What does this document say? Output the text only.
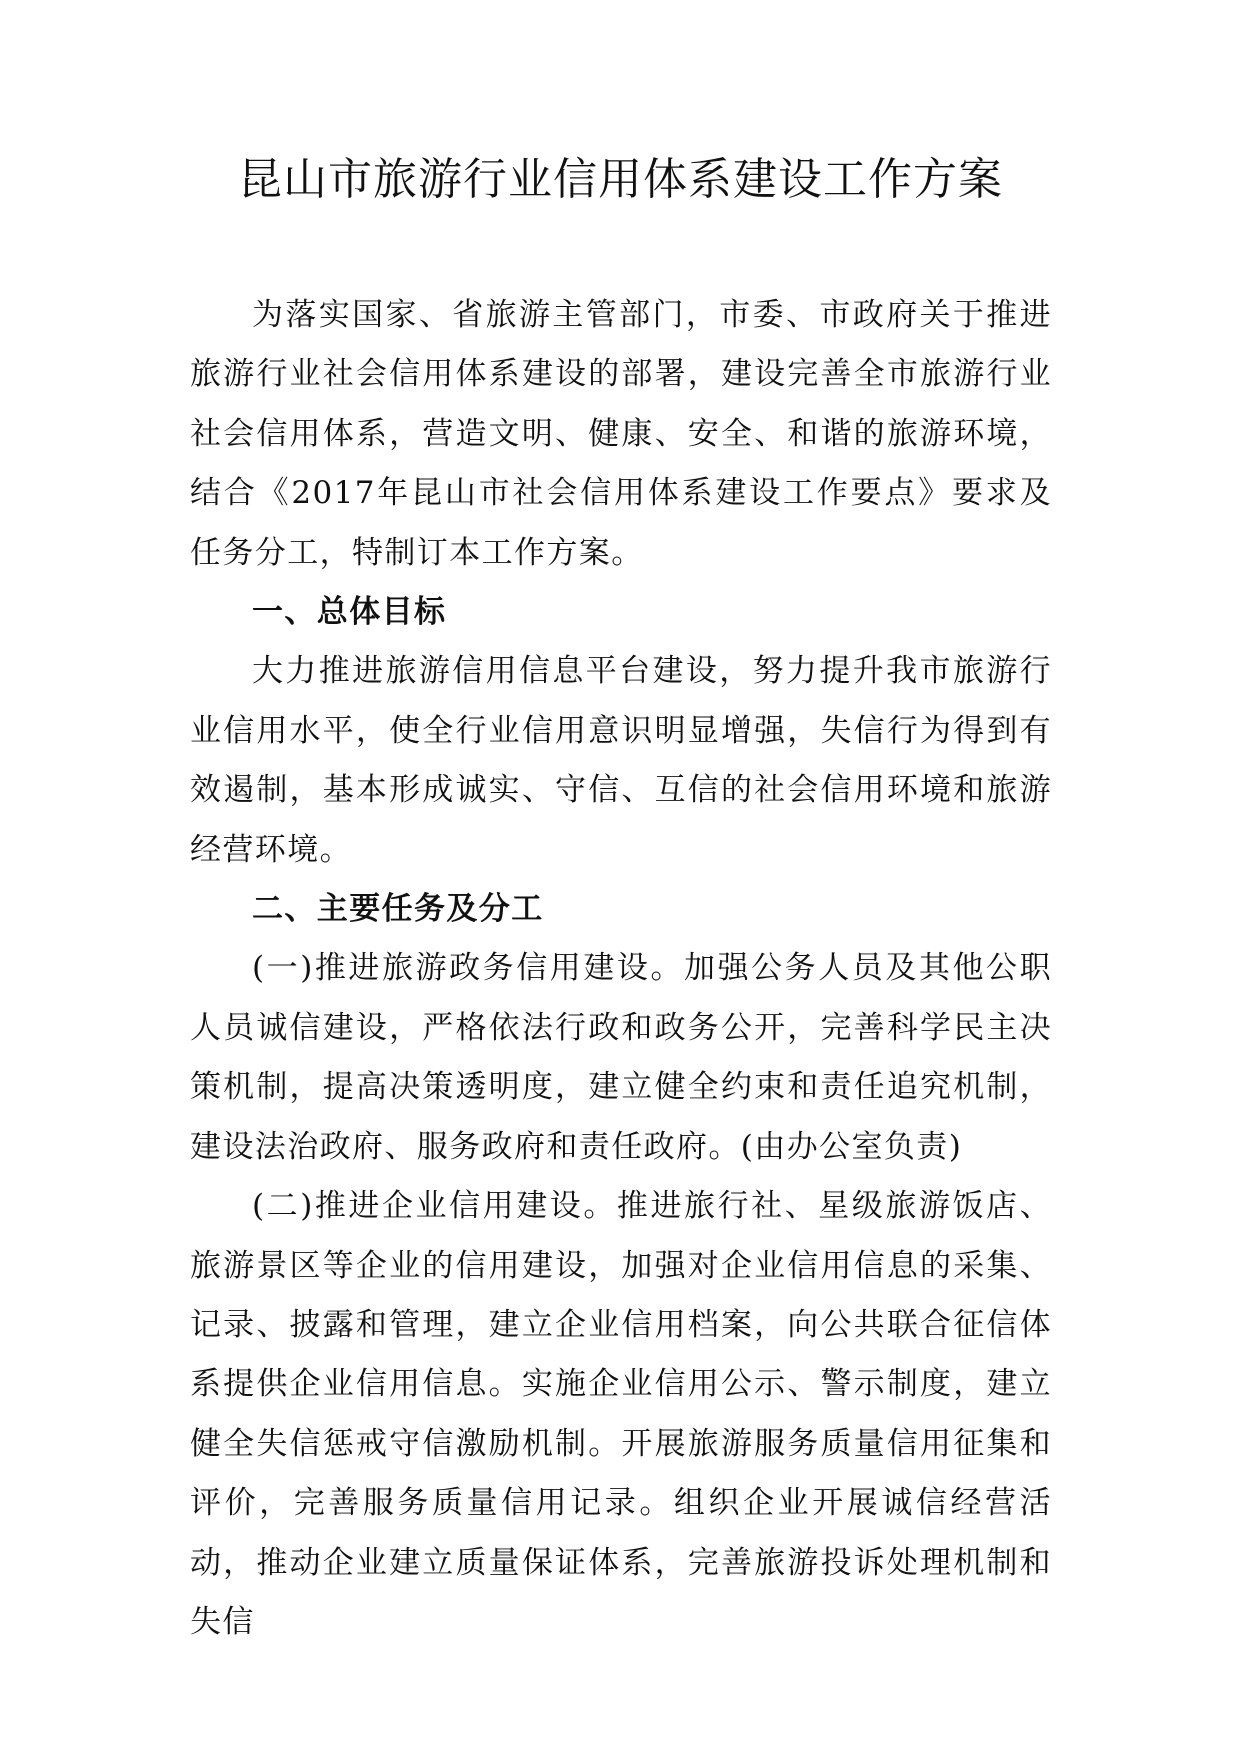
昆山市旅游行业信用体系建设工作方案

为落实国家、省旅游主管部门，市委、市政府关于推进旅游行业社会信用体系建设的部署，建设完善全市旅游行业社会信用体系，营造文明、健康、安全、和谐的旅游环境，结合《2017年昆山市社会信用体系建设工作要点》要求及任务分工，特制订本工作方案。

一、总体目标

大力推进旅游信用信息平台建设，努力提升我市旅游行业信用水平，使全行业信用意识明显增强，失信行为得到有效遏制，基本形成诚实、守信、互信的社会信用环境和旅游经营环境。

二、主要任务及分工

(一)推进旅游政务信用建设。加强公务人员及其他公职人员诚信建设，严格依法行政和政务公开，完善科学民主决策机制，提高决策透明度，建立健全约束和责任追究机制，建设法治政府、服务政府和责任政府。(由办公室负责)

(二)推进企业信用建设。推进旅行社、星级旅游饭店、旅游景区等企业的信用建设，加强对企业信用信息的采集、记录、披露和管理，建立企业信用档案，向公共联合征信体系提供企业信用信息。实施企业信用公示、警示制度，建立健全失信惩戒守信激励机制。开展旅游服务质量信用征集和评价，完善服务质量信用记录。组织企业开展诚信经营活动，推动企业建立质量保证体系，完善旅游投诉处理机制和失信
